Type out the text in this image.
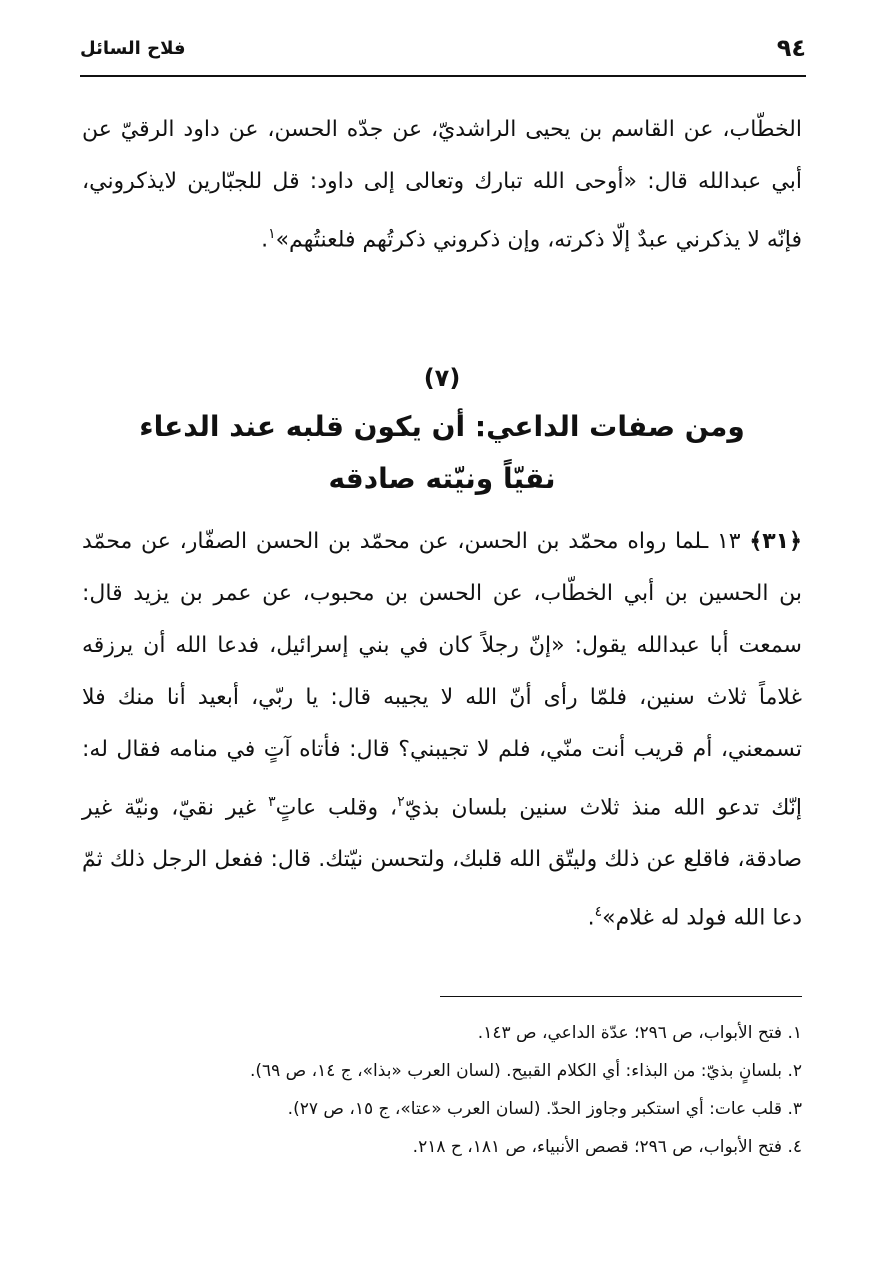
٩٤
فلاح السائل
الخطّاب، عن القاسم بن يحيى الراشديّ، عن جدّه الحسن، عن داود الرقيّ عن أبي عبدالله قال: «أوحى الله تبارك وتعالى إلى داود: قل للجبّارين لايذكروني، فإنّه لا يذكرني عبدٌ إلّا ذكرته، وإن ذكروني ذكرتُهم فلعنتُهم»$^١$.
(٧)
ومن صفات الداعي: أن يكون قلبه عند الدعاء
نقيّاً ونيّته صادقه
﴿٣١﴾ ١٣ ـلما رواه محمّد بن الحسن، عن محمّد بن الحسن الصفّار، عن محمّد بن الحسين بن أبي الخطّاب، عن الحسن بن محبوب، عن عمر بن يزيد قال: سمعت أبا عبدالله يقول: «إنّ رجلاً كان في بني إسرائيل، فدعا الله أن يرزقه غلاماً ثلاث سنين، فلمّا رأى أنّ الله لا يجيبه قال: يا ربّي، أبعيد أنا منك فلا تسمعني، أم قريب أنت منّي، فلم لا تجيبني؟ قال: فأتاه آتٍ في منامه فقال له: إنّك تدعو الله منذ ثلاث سنين بلسان بذيّ$^٢$، وقلب عاتٍ$^٣$ غير نقيّ، ونيّة غير صادقة، فاقلع عن ذلك وليتّق الله قلبك، ولتحسن نيّتك. قال: ففعل الرجل ذلك ثمّ دعا الله فولد له غلام»$^٤$.

١. فتح الأبواب، ص ٢٩٦؛ عدّة الداعي، ص ١٤٣.

٢. بلسانٍ بذيّ: من البذاء: أي الكلام القبيح. (لسان العرب «بذا»، ج ١٤، ص ٦٩).

٣. قلب عات: أي استكبر وجاوز الحدّ. (لسان العرب «عتا»، ج ١٥، ص ٢٧).

٤. فتح الأبواب، ص ٢٩٦؛ قصص الأنبياء، ص ١٨١، ح ٢١٨.
